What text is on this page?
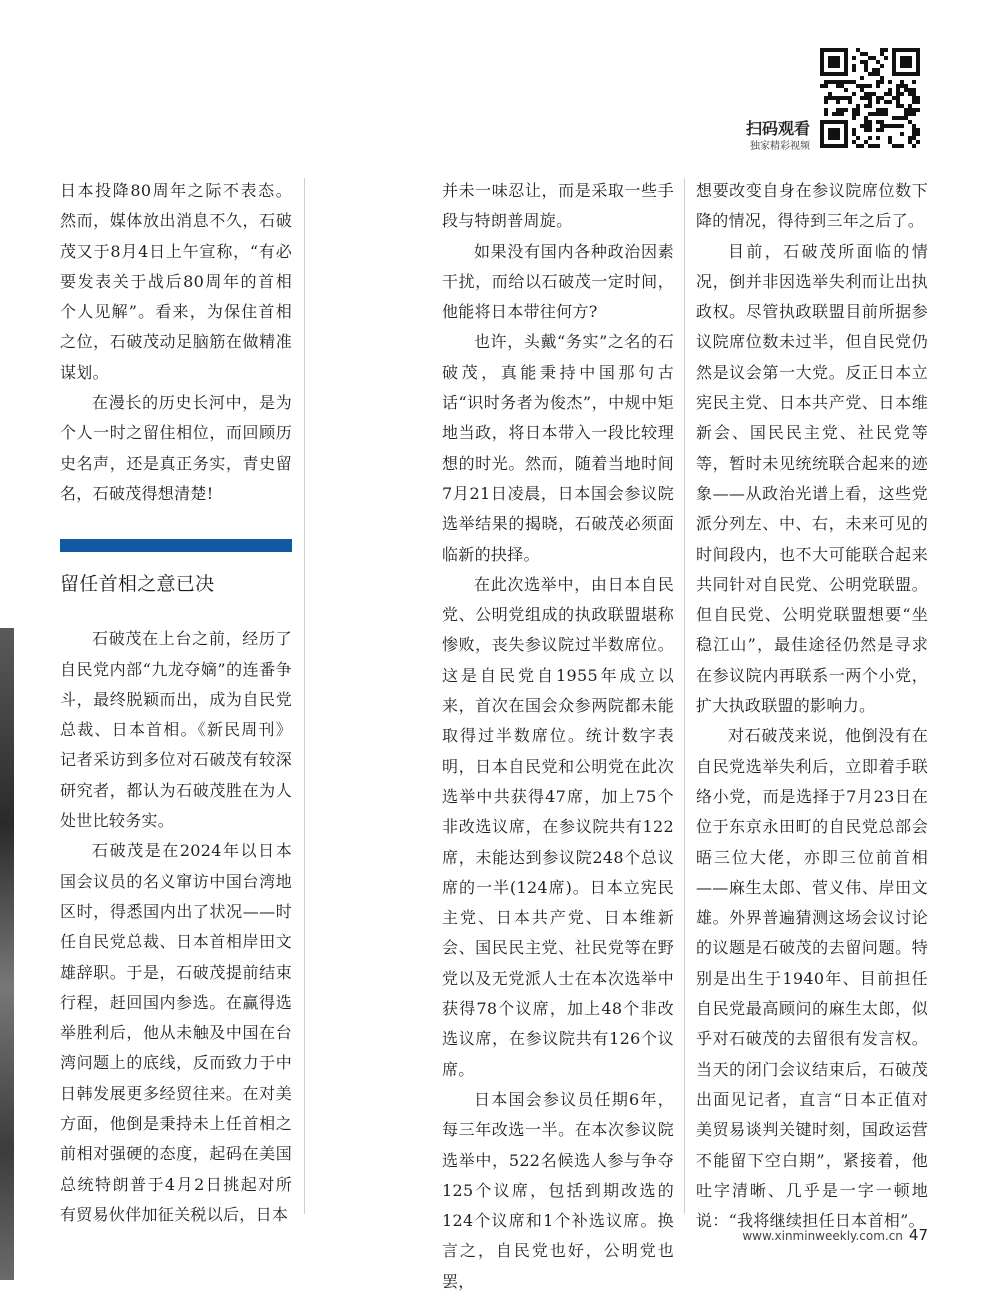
扫码观看
独家精彩视频

日本投降80周年之际不表态。然而，媒体放出消息不久，石破茂又于8月4日上午宣称，“有必要发表关于战后80周年的首相个人见解”。看来，为保住首相之位，石破茂动足脑筋在做精准谋划。

在漫长的历史长河中，是为个人一时之留住相位，而回顾历史名声，还是真正务实，青史留名，石破茂得想清楚!

留任首相之意已决

石破茂在上台之前，经历了自民党内部“九龙夺嫡”的连番争斗，最终脱颖而出，成为自民党总裁、日本首相。《新民周刊》记者采访到多位对石破茂有较深研究者，都认为石破茂胜在为人处世比较务实。

石破茂是在2024年以日本国会议员的名义窜访中国台湾地区时，得悉国内出了状况——时任自民党总裁、日本首相岸田文雄辞职。于是，石破茂提前结束行程，赶回国内参选。在赢得选举胜利后，他从未触及中国在台湾问题上的底线，反而致力于中日韩发展更多经贸往来。在对美方面，他倒是秉持未上任首相之前相对强硬的态度，起码在美国总统特朗普于4月2日挑起对所有贸易伙伴加征关税以后，日本

并未一味忍让，而是采取一些手段与特朗普周旋。

如果没有国内各种政治因素干扰，而给以石破茂一定时间，他能将日本带往何方?

也许，头戴“务实”之名的石破茂，真能秉持中国那句古话“识时务者为俊杰”，中规中矩地当政，将日本带入一段比较理想的时光。然而，随着当地时间7月21日凌晨，日本国会参议院选举结果的揭晓，石破茂必须面临新的抉择。

在此次选举中，由日本自民党、公明党组成的执政联盟堪称惨败，丧失参议院过半数席位。这是自民党自1955年成立以来，首次在国会众参两院都未能取得过半数席位。统计数字表明，日本自民党和公明党在此次选举中共获得47席，加上75个非改选议席，在参议院共有122席，未能达到参议院248个总议席的一半(124席)。日本立宪民主党、日本共产党、日本维新会、国民民主党、社民党等在野党以及无党派人士在本次选举中获得78个议席，加上48个非改选议席，在参议院共有126个议席。

日本国会参议员任期6年，每三年改选一半。在本次参议院选举中，522名候选人参与争夺125个议席，包括到期改选的124个议席和1个补选议席。换言之，自民党也好，公明党也罢，

想要改变自身在参议院席位数下降的情况，得待到三年之后了。

目前，石破茂所面临的情况，倒并非因选举失利而让出执政权。尽管执政联盟目前所据参议院席位数未过半，但自民党仍然是议会第一大党。反正日本立宪民主党、日本共产党、日本维新会、国民民主党、社民党等等，暂时未见统统联合起来的迹象——从政治光谱上看，这些党派分列左、中、右，未来可见的时间段内，也不大可能联合起来共同针对自民党、公明党联盟。但自民党、公明党联盟想要“坐稳江山”，最佳途径仍然是寻求在参议院内再联系一两个小党，扩大执政联盟的影响力。

对石破茂来说，他倒没有在自民党选举失利后，立即着手联络小党，而是选择于7月23日在位于东京永田町的自民党总部会晤三位大佬，亦即三位前首相——麻生太郎、菅义伟、岸田文雄。外界普遍猜测这场会议讨论的议题是石破茂的去留问题。特别是出生于1940年、目前担任自民党最高顾问的麻生太郎，似乎对石破茂的去留很有发言权。当天的闭门会议结束后，石破茂出面见记者，直言“日本正值对美贸易谈判关键时刻，国政运营不能留下空白期”，紧接着，他吐字清晰、几乎是一字一顿地说：“我将继续担任日本首相”。

www.xinminweekly.com.cn 47
